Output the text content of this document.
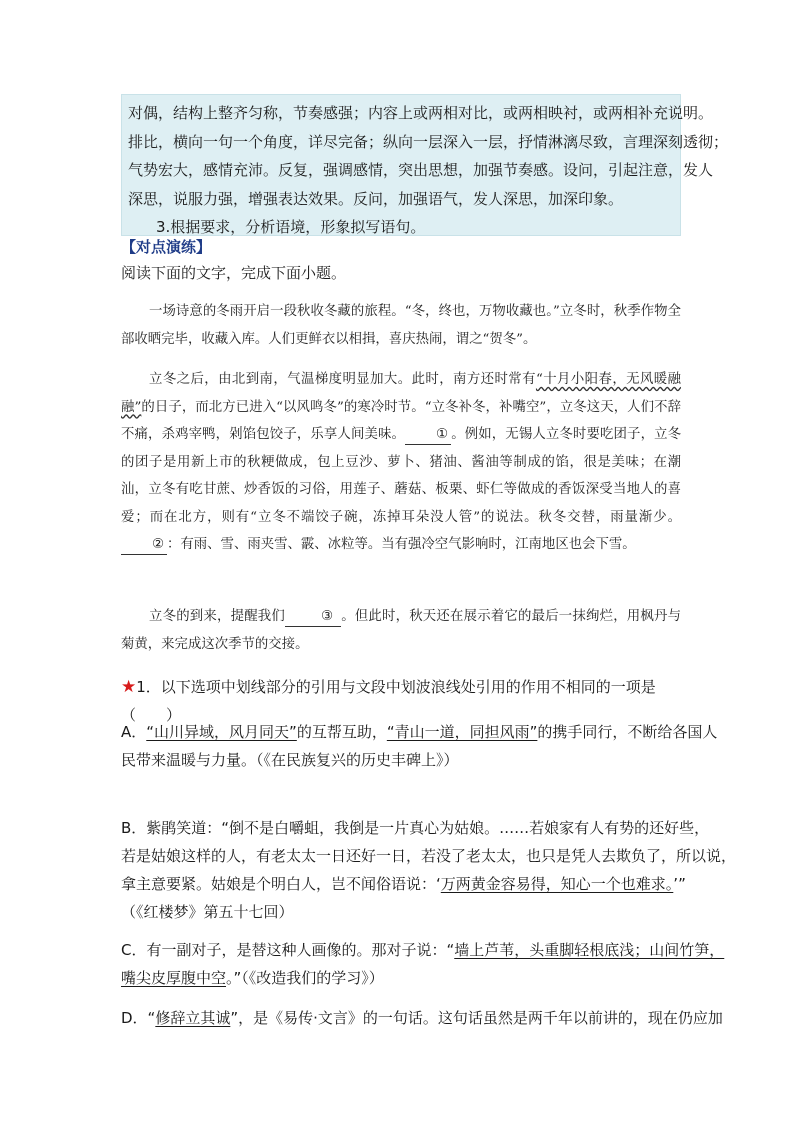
对偶，结构上整齐匀称，节奏感强；内容上或两相对比，或两相映衬，或两相补充说明。

排比，横向一句一个角度，详尽完备；纵向一层深入一层，抒情淋漓尽致，言理深刻透彻；

气势宏大，感情充沛。反复，强调感情，突出思想，加强节奏感。设问，引起注意，发人

深思，说服力强，增强表达效果。反问，加强语气，发人深思，加深印象。

3.根据要求，分析语境，形象拟写语句。

【对点演练】
阅读下面的文字，完成下面小题。

一场诗意的冬雨开启一段秋收冬藏的旅程。“冬，终也，万物收藏也。”立冬时，秋季作物全部收晒完毕，收藏入库。人们更鲜衣以相揖，喜庆热闹，谓之“贺冬”。

立冬之后，由北到南，气温梯度明显加大。此时，南方还时常有“十月小阳春，无风暖融融”的日子，而北方已进入“以风鸣冬”的寒冷时节。“立冬补冬，补嘴空”，立冬这天，人们不辞不痛，杀鸡宰鸭，剁馅包饺子，乐享人间美味。 ① 。例如，无锡人立冬时要吃团子，立冬的团子是用新上市的秋粳做成，包上豆沙、萝卜、猪油、酱油等制成的馅，很是美味；在潮汕，立冬有吃甘蔗、炒香饭的习俗，用莲子、蘑菇、板栗、虾仁等做成的香饭深受当地人的喜爱；而在北方，则有“立冬不端饺子碗，冻掉耳朵没人管”的说法。秋冬交替，雨量渐少。② ：有雨、雪、雨夹雪、霰、冰粒等。当有强冷空气影响时，江南地区也会下雪。

立冬的到来，提醒我们	③ 。但此时，秋天还在展示着它的最后一抹绚烂，用枫丹与菊黄，来完成这次季节的交接。

★1．以下选项中划线部分的引用与文段中划波浪线处引用的作用不相同的一项是
（　　）

A．“山川异域，风月同天”的互帮互助，“青山一道，同担风雨”的携手同行，不断给各国人

民带来温暖与力量。（《在民族复兴的历史丰碑上》）

B．紫鹃笑道：“倒不是白嚼蛆，我倒是一片真心为姑娘。……若娘家有人有势的还好些，

若是姑娘这样的人，有老太太一日还好一日，若没了老太太，也只是凭人去欺负了，所以说，

拿主意要紧。姑娘是个明白人，岂不闻俗语说：‘万两黄金容易得，知心一个也难求。’”

（《红楼梦》第五十七回）

C．有一副对子，是替这种人画像的。那对子说：“墙上芦苇，头重脚轻根底浅；山间竹笋，

嘴尖皮厚腹中空。”（《改造我们的学习》）

D．“修辞立其诚”，是《易传·文言》的一句话。这句话虽然是两千年以前讲的，现在仍应加
